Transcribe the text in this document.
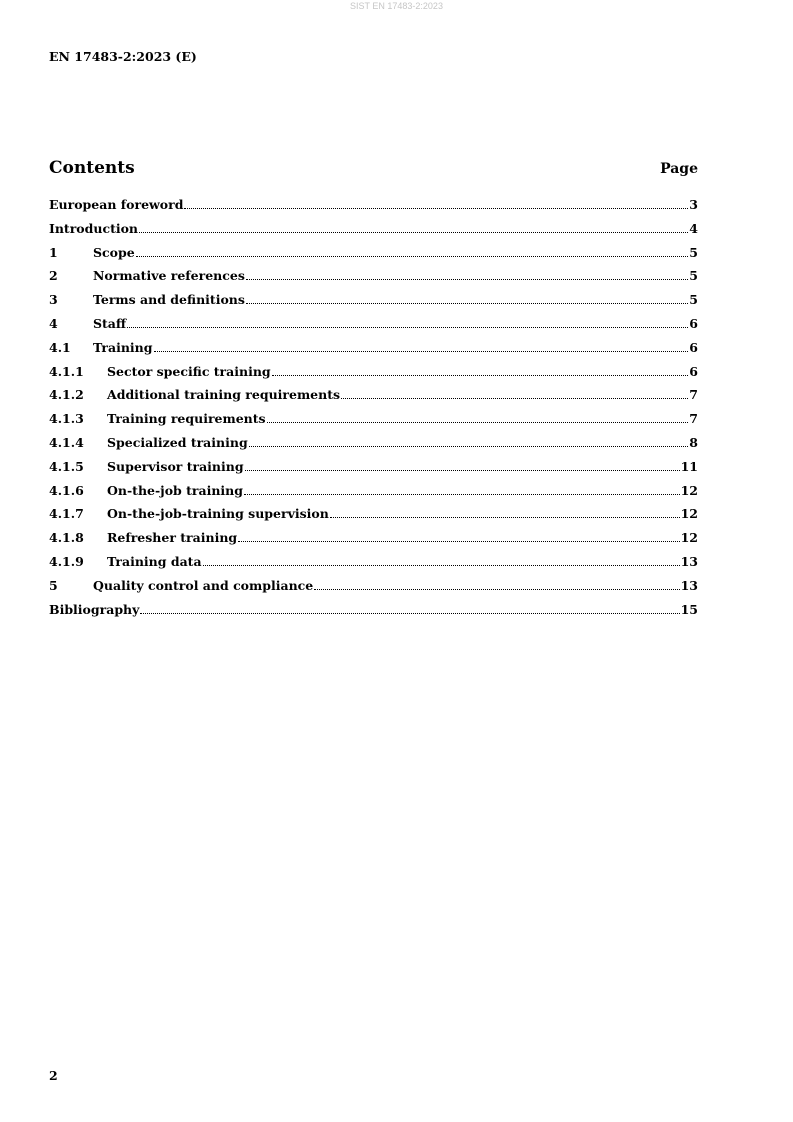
SIST EN 17483-2:2023
EN 17483-2:2023 (E)
Contents	Page
European foreword	3
Introduction	4
1	Scope	5
2	Normative references	5
3	Terms and definitions	5
4	Staff	6
4.1	Training	6
4.1.1	Sector specific training	6
4.1.2	Additional training requirements	7
4.1.3	Training requirements	7
4.1.4	Specialized training	8
4.1.5	Supervisor training	11
4.1.6	On-the-job training	12
4.1.7	On-the-job-training supervision	12
4.1.8	Refresher training	12
4.1.9	Training data	13
5	Quality control and compliance	13
Bibliography	15
2
